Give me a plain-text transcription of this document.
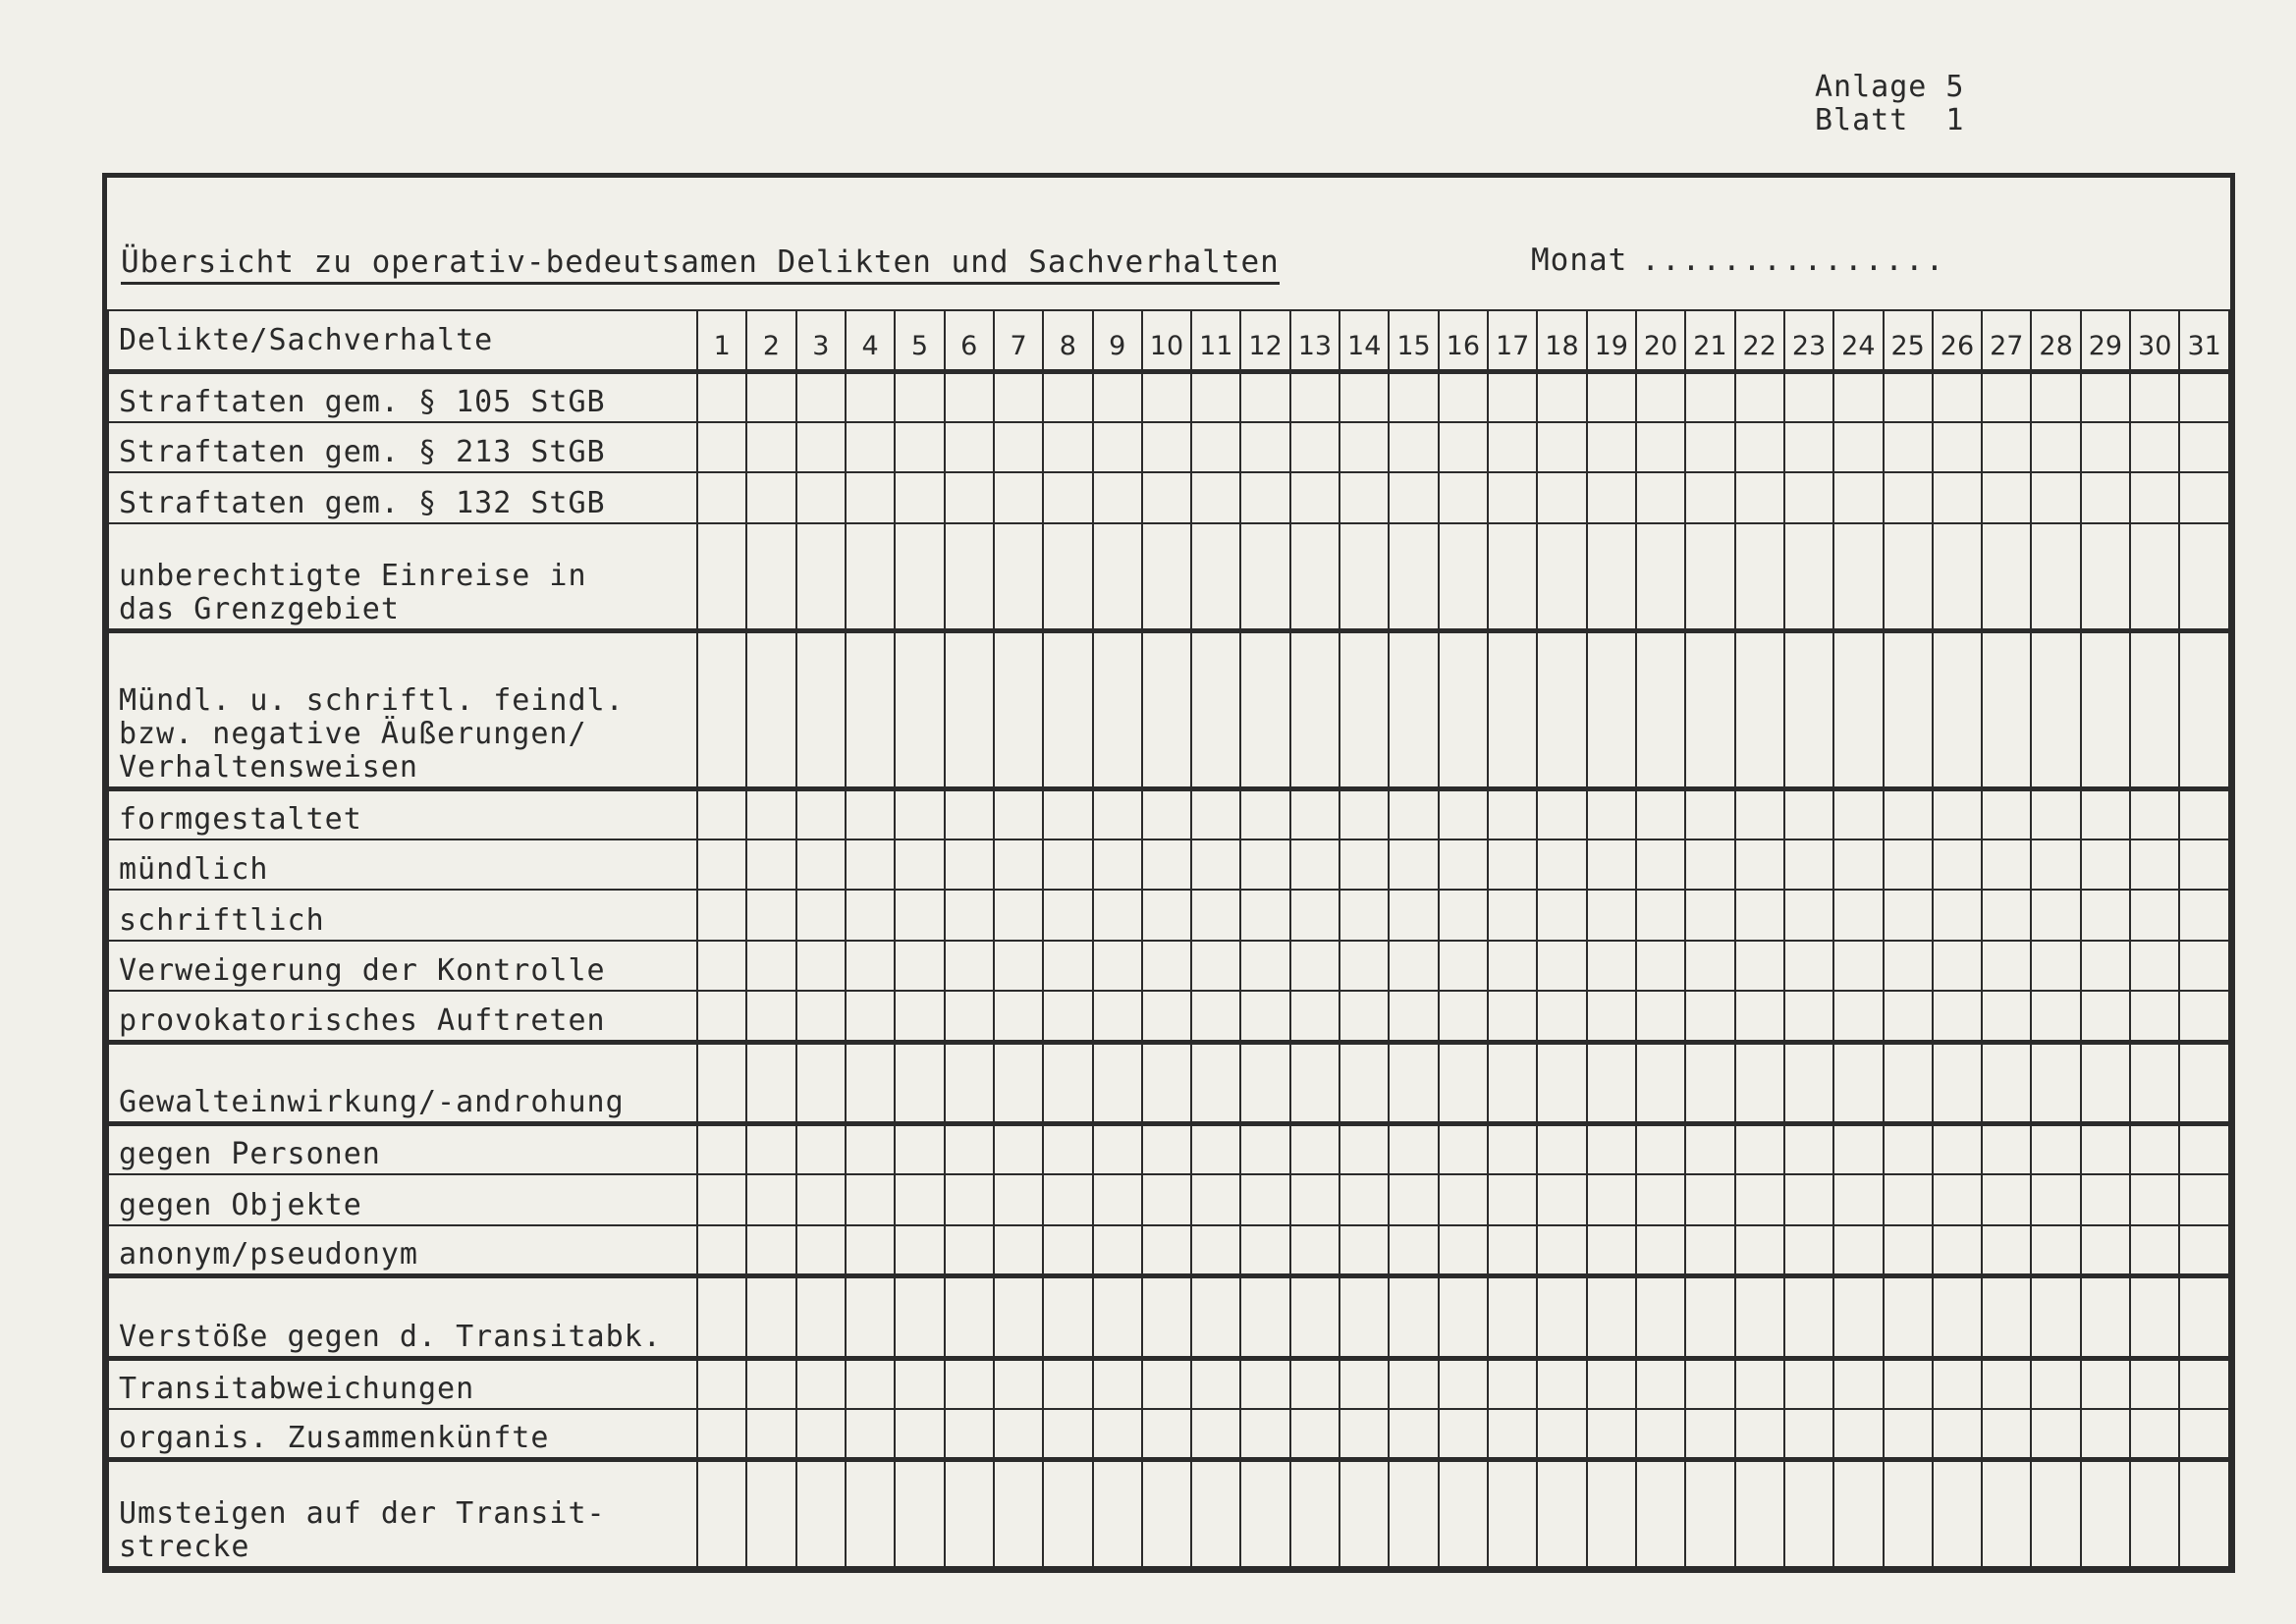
Anlage 5
Blatt  1
Übersicht zu operativ-bedeutsamen Delikten und Sachverhalten	Monat ...............
Delikte/Sachverhalte	1	2	3	4	5	6	7	8	9	10	11	12	13	14	15	16	17	18	19	20	21	22	23	24	25	26	27	28	29	30	31
Straftaten gem. § 105 StGB																															
Straftaten gem. § 213 StGB																															
Straftaten gem. § 132 StGB																															
unberechtigte Einreise in
das Grenzgebiet																															
Mündl. u. schriftl. feindl.
bzw. negative Äußerungen/
Verhaltensweisen																															
formgestaltet																															
mündlich																															
schriftlich																															
Verweigerung der Kontrolle																															
provokatorisches Auftreten																															
Gewalteinwirkung/-androhung																															
gegen Personen																															
gegen Objekte																															
anonym/pseudonym																															
Verstöße gegen d. Transitabk.																															
Transitabweichungen																															
organis. Zusammenkünfte																															
Umsteigen auf der Transit-
strecke																															
